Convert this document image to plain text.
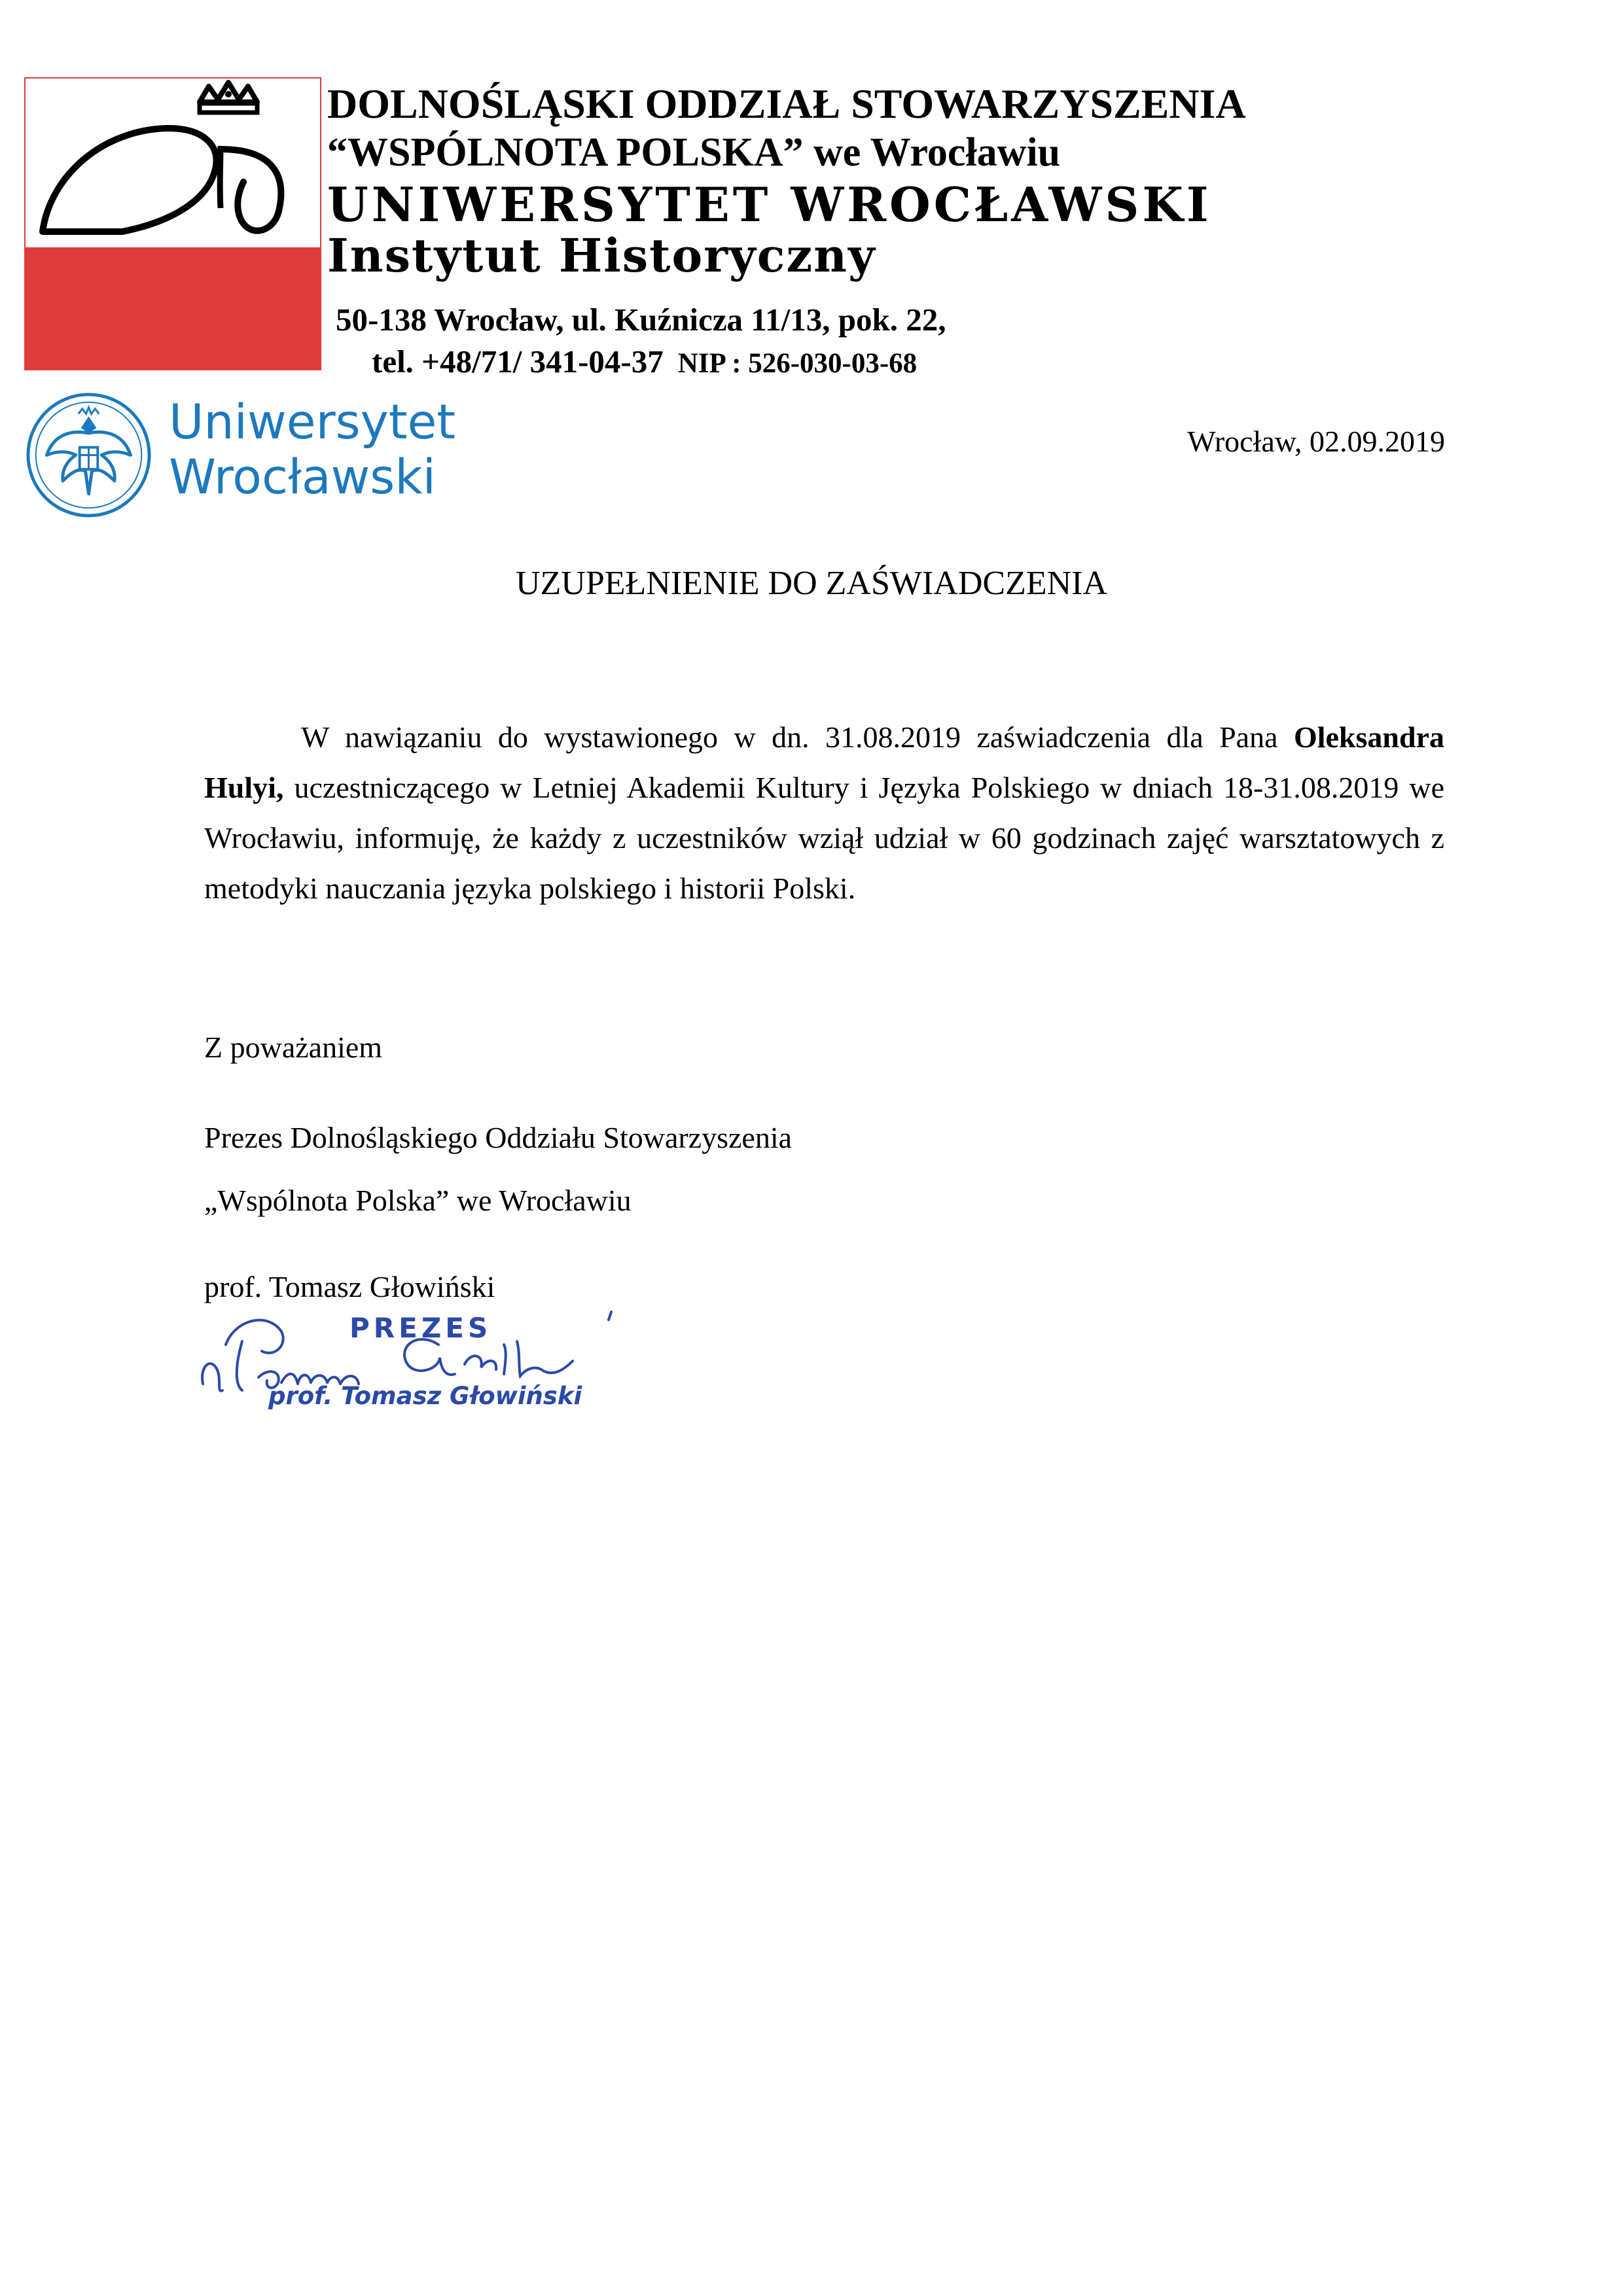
DOLNOŚLĄSKI ODDZIAŁ STOWARZYSZENIA
“WSPÓLNOTA POLSKA” we Wrocławiu
UNIWERSYTET WROCŁAWSKI
Instytut Historyczny
50-138 Wrocław, ul. Kuźnicza 11/13, pok. 22,
tel. +48/71/ 341-04-37 NIP : 526-030-03-68
Uniwersytet
Wrocławski
Wrocław, 02.09.2019
UZUPEŁNIENIE DO ZAŚWIADCZENIA
W nawiązaniu do wystawionego w dn. 31.08.2019 zaświadczenia dla Pana Oleksandra Hulyi, uczestniczącego w Letniej Akademii Kultury i Języka Polskiego w dniach 18-31.08.2019 we Wrocławiu, informuję, że każdy z uczestników wziął udział w 60 godzinach zajęć warsztatowych z metodyki nauczania języka polskiego i historii Polski.
Z poważaniem
Prezes Dolnośląskiego Oddziału Stowarzyszenia
„Wspólnota Polska” we Wrocławiu
prof. Tomasz Głowiński
PREZES
prof. Tomasz Głowiński
